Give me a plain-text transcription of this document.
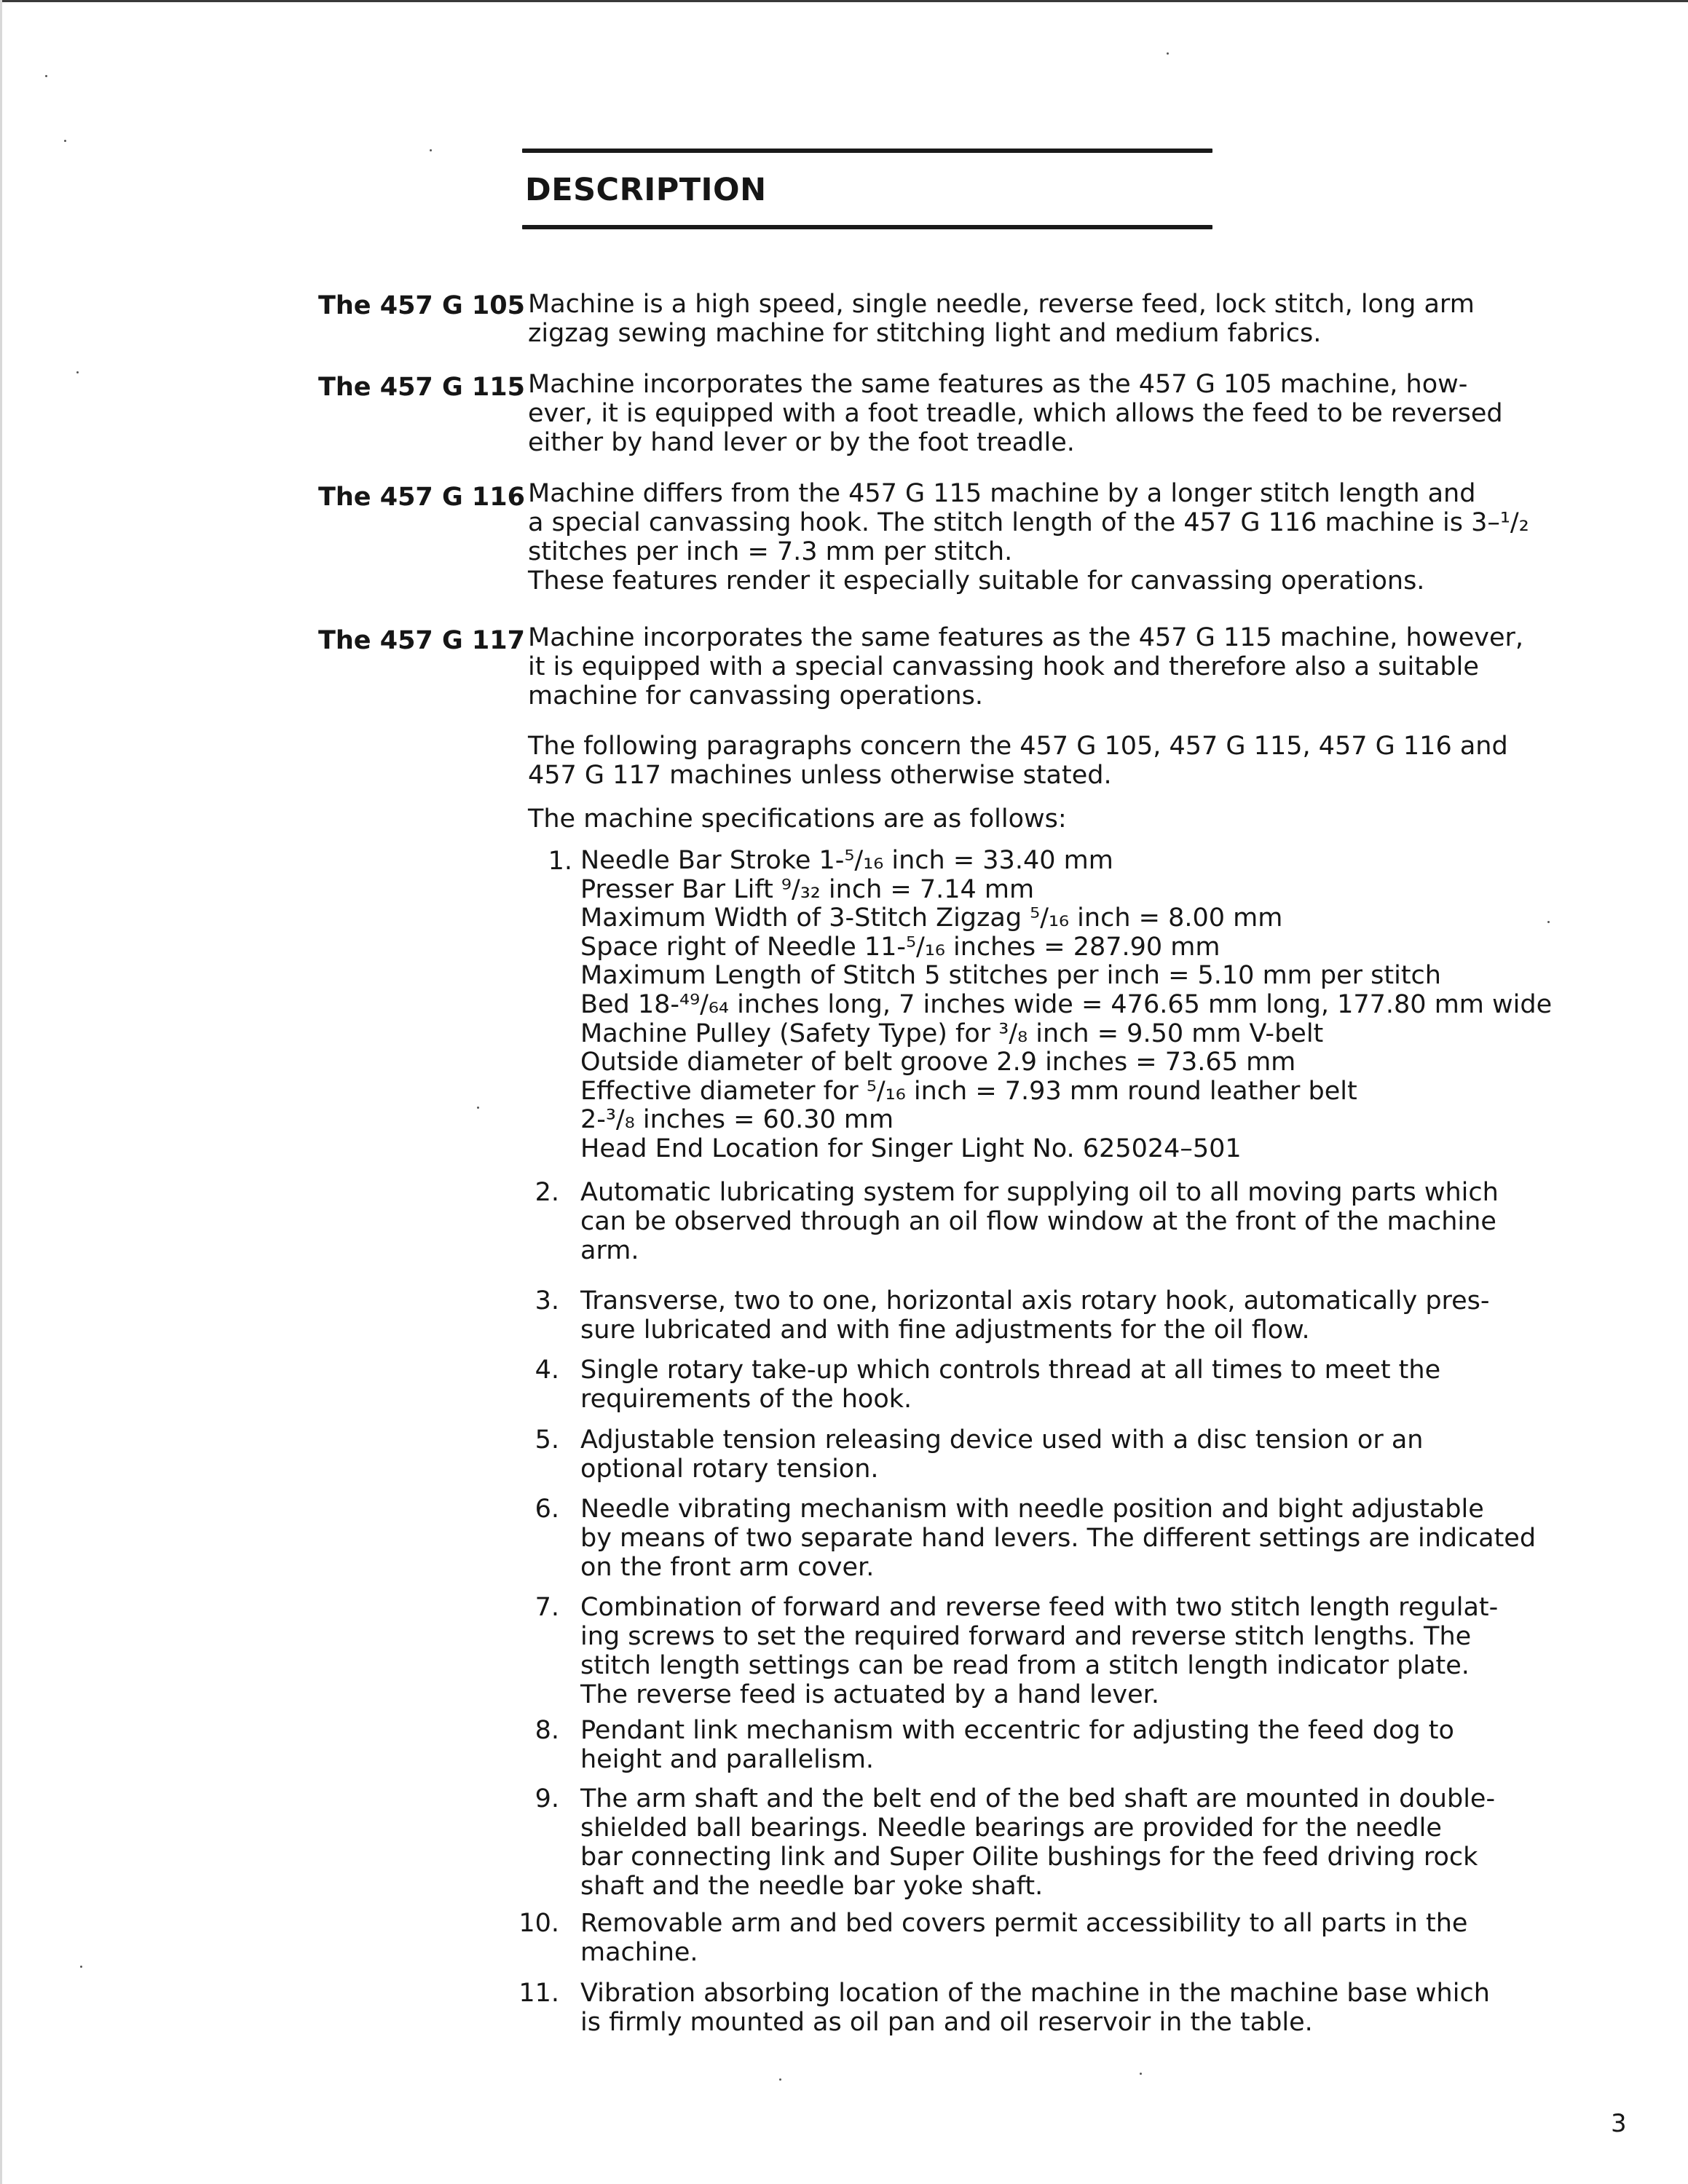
DESCRIPTION
The 457 G 105 Machine is a high speed, single needle, reverse feed, lock stitch, long arm
zigzag sewing machine for stitching light and medium fabrics.
The 457 G 115 Machine incorporates the same features as the 457 G 105 machine, how-
ever, it is equipped with a foot treadle, which allows the feed to be reversed
either by hand lever or by the foot treadle.
The 457 G 116 Machine differs from the 457 G 115 machine by a longer stitch length and
a special canvassing hook. The stitch length of the 457 G 116 machine is 3–¹/₂
stitches per inch = 7.3 mm per stitch.
These features render it especially suitable for canvassing operations.
The 457 G 117 Machine incorporates the same features as the 457 G 115 machine, however,
it is equipped with a special canvassing hook and therefore also a suitable
machine for canvassing operations.
The following paragraphs concern the 457 G 105, 457 G 115, 457 G 116 and
457 G 117 machines unless otherwise stated.
The machine specifications are as follows:
1. Needle Bar Stroke 1-⁵/₁₆ inch = 33.40 mm
Presser Bar Lift ⁹/₃₂ inch = 7.14 mm
Maximum Width of 3-Stitch Zigzag ⁵/₁₆ inch = 8.00 mm
Space right of Needle 11-⁵/₁₆ inches = 287.90 mm
Maximum Length of Stitch 5 stitches per inch = 5.10 mm per stitch
Bed 18-⁴⁹/₆₄ inches long, 7 inches wide = 476.65 mm long, 177.80 mm wide
Machine Pulley (Safety Type) for ³/₈ inch = 9.50 mm V-belt
Outside diameter of belt groove 2.9 inches = 73.65 mm
Effective diameter for ⁵/₁₆ inch = 7.93 mm round leather belt
2-³/₈ inches = 60.30 mm
Head End Location for Singer Light No. 625024–501
2. Automatic lubricating system for supplying oil to all moving parts which
can be observed through an oil flow window at the front of the machine
arm.
3. Transverse, two to one, horizontal axis rotary hook, automatically pres-
sure lubricated and with fine adjustments for the oil flow.
4. Single rotary take-up which controls thread at all times to meet the
requirements of the hook.
5. Adjustable tension releasing device used with a disc tension or an
optional rotary tension.
6. Needle vibrating mechanism with needle position and bight adjustable
by means of two separate hand levers. The different settings are indicated
on the front arm cover.
7. Combination of forward and reverse feed with two stitch length regulat-
ing screws to set the required forward and reverse stitch lengths. The
stitch length settings can be read from a stitch length indicator plate.
The reverse feed is actuated by a hand lever.
8. Pendant link mechanism with eccentric for adjusting the feed dog to
height and parallelism.
9. The arm shaft and the belt end of the bed shaft are mounted in double-
shielded ball bearings. Needle bearings are provided for the needle
bar connecting link and Super Oilite bushings for the feed driving rock
shaft and the needle bar yoke shaft.
10. Removable arm and bed covers permit accessibility to all parts in the
machine.
11. Vibration absorbing location of the machine in the machine base which
is firmly mounted as oil pan and oil reservoir in the table.
3
